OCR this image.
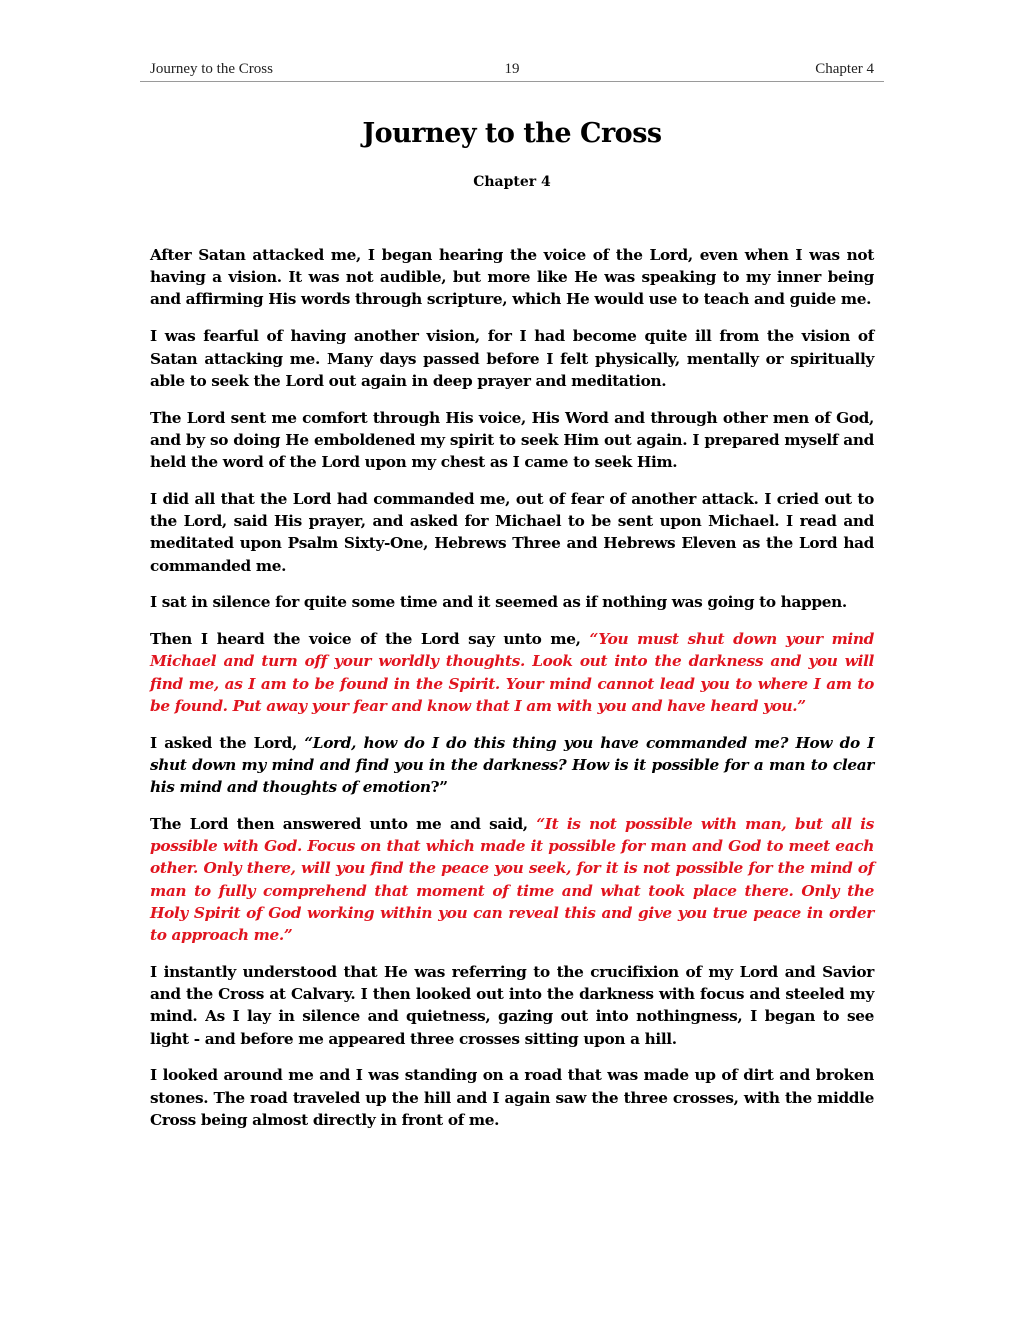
Journey to the Cross	19	Chapter 4
Journey to the Cross
Chapter 4

After Satan attacked me, I began hearing the voice of the Lord, even when I was not having a vision. It was not audible, but more like He was speaking to my inner being and affirming His words through scripture, which He would use to teach and guide me.

I was fearful of having another vision, for I had become quite ill from the vision of Satan attacking me. Many days passed before I felt physically, mentally or spiritually able to seek the Lord out again in deep prayer and meditation.

The Lord sent me comfort through His voice, His Word and through other men of God, and by so doing He emboldened my spirit to seek Him out again. I prepared myself and held the word of the Lord upon my chest as I came to seek Him.

I did all that the Lord had commanded me, out of fear of another attack. I cried out to the Lord, said His prayer, and asked for Michael to be sent upon Michael. I read and meditated upon Psalm Sixty-One, Hebrews Three and Hebrews Eleven as the Lord had commanded me.

I sat in silence for quite some time and it seemed as if nothing was going to happen.

Then I heard the voice of the Lord say unto me, “You must shut down your mind Michael and turn off your worldly thoughts. Look out into the darkness and you will find me, as I am to be found in the Spirit. Your mind cannot lead you to where I am to be found. Put away your fear and know that I am with you and have heard you.”

I asked the Lord, “Lord, how do I do this thing you have commanded me? How do I shut down my mind and find you in the darkness? How is it possible for a man to clear his mind and thoughts of emotion?”

The Lord then answered unto me and said, “It is not possible with man, but all is possible with God. Focus on that which made it possible for man and God to meet each other. Only there, will you find the peace you seek, for it is not possible for the mind of man to fully comprehend that moment of time and what took place there. Only the Holy Spirit of God working within you can reveal this and give you true peace in order to approach me.”

I instantly understood that He was referring to the crucifixion of my Lord and Savior and the Cross at Calvary. I then looked out into the darkness with focus and steeled my mind. As I lay in silence and quietness, gazing out into nothingness, I began to see light - and before me appeared three crosses sitting upon a hill.

I looked around me and I was standing on a road that was made up of dirt and broken stones. The road traveled up the hill and I again saw the three crosses, with the middle Cross being almost directly in front of me.
